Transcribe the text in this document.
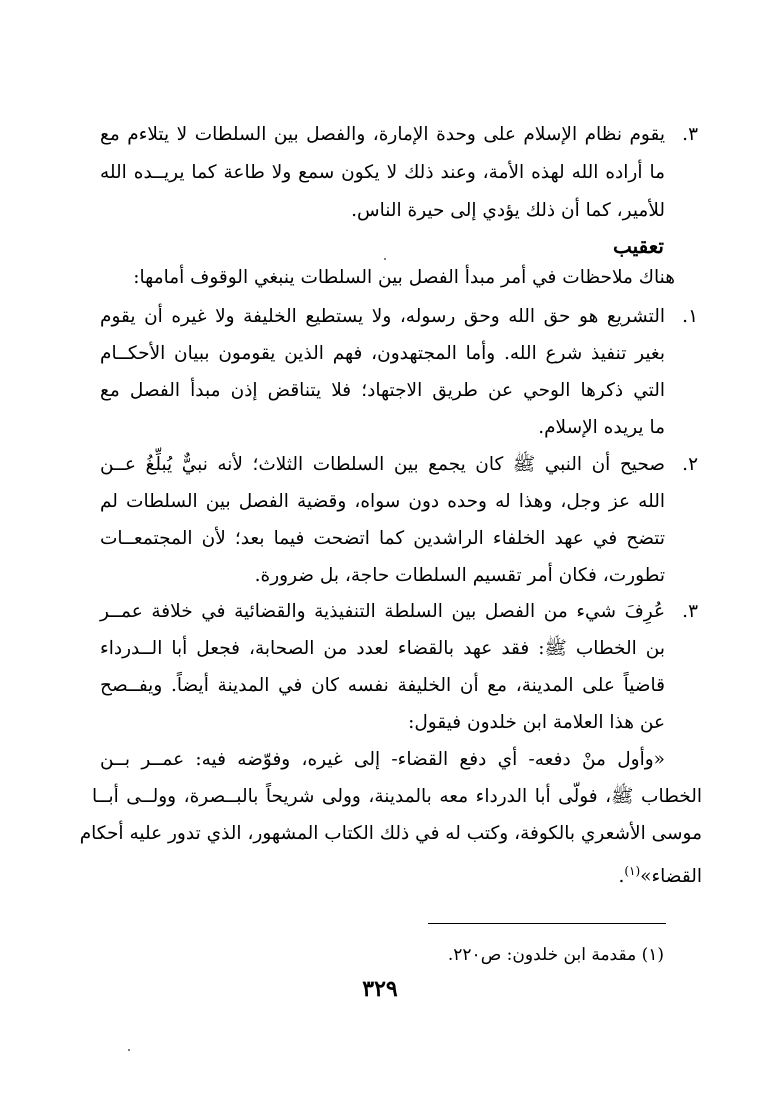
٣.
يقوم نظام الإسلام على وحدة الإمارة، والفصل بين السلطات لا يتلاءم مع
ما أراده الله لهذه الأمة، وعند ذلك لا يكون سمع ولا طاعة كما يريــده الله
للأمير، كما أن ذلك يؤدي إلى حيرة الناس.
تعقيب
هناك ملاحظات في أمر مبدأ الفصل بين السلطات ينبغي الوقوف أمامها:
١.
التشريع هو حق الله وحق رسوله، ولا يستطيع الخليفة ولا غيره أن يقوم
بغير تنفيذ شرع الله. وأما المجتهدون، فهم الذين يقومون ببيان الأحكــام
التي ذكرها الوحي عن طريق الاجتهاد؛ فلا يتناقض إذن مبدأ الفصل مع
ما يريده الإسلام.
٢.
صحيح أن النبي ﷺ كان يجمع بين السلطات الثلاث؛ لأنه نبيٌّ يُبلِّغُ عــن
الله عز وجل، وهذا له وحده دون سواه، وقضية الفصل بين السلطات لم
تتضح في عهد الخلفاء الراشدين كما اتضحت فيما بعد؛ لأن المجتمعــات
تطورت، فكان أمر تقسيم السلطات حاجة، بل ضرورة.
٣.
عُرِفَ شيء من الفصل بين السلطة التنفيذية والقضائية في خلافة عمــر
بن الخطاب ﷺ: فقد عهد بالقضاء لعدد من الصحابة، فجعل أبا الــدرداء
قاضياً على المدينة، مع أن الخليفة نفسه كان في المدينة أيضاً. ويفــصح
عن هذا العلامة ابن خلدون فيقول:
«وأول منْ دفعه- أي دفع القضاء- إلى غيره، وفوّضه فيه: عمــر بــن
الخطاب ﷺ، فولّى أبا الدرداء معه بالمدينة، وولى شريحاً بالبــصرة، وولــى أبــا
موسى الأشعري بالكوفة، وكتب له في ذلك الكتاب المشهور، الذي تدور عليه أحكام
القضاء»$^{(١)}$.
(١) مقدمة ابن خلدون: ص٢٢٠.
٣٢٩
